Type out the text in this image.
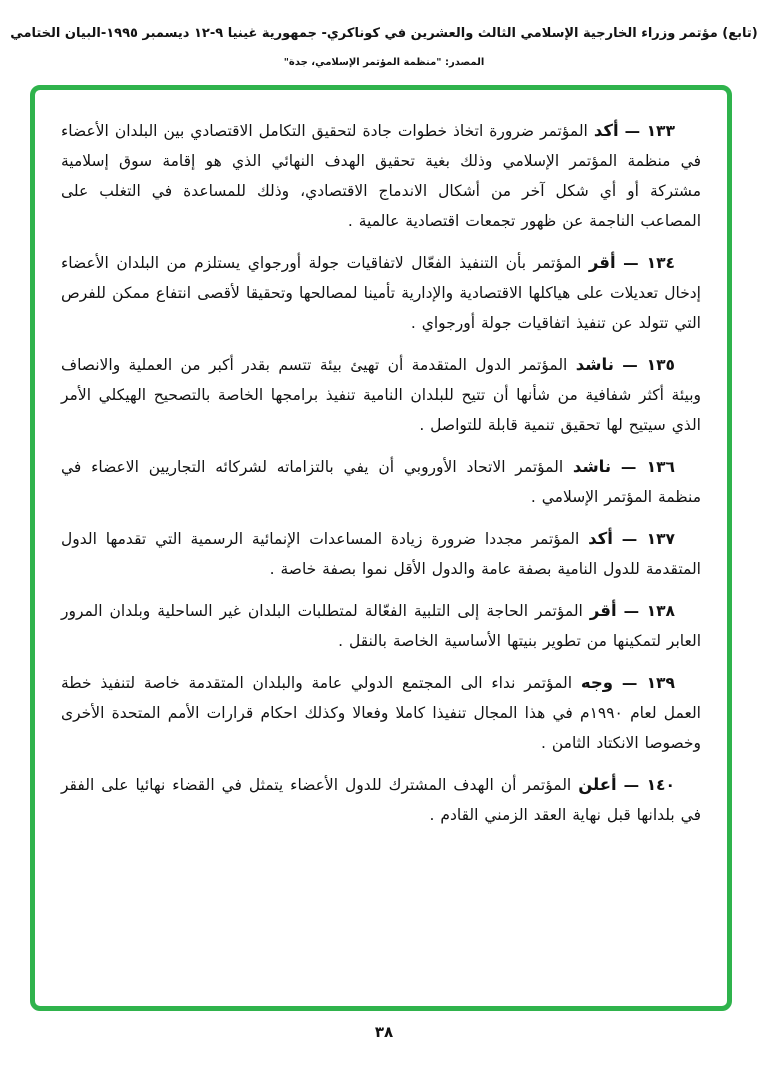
(تابع) مؤتمر وزراء الخارجية الإسلامي الثالث والعشرين في كوناكري- جمهورية غينيا ٩-١٢ ديسمبر ١٩٩٥-البيان الختامي
المصدر: "منظمة المؤتمر الإسلامي، جدة"
١٣٣ — أكد المؤتمر ضرورة اتخاذ خطوات جادة لتحقيق التكامل الاقتصادي بين البلدان الأعضاء في منظمة المؤتمر الإسلامي وذلك بغية تحقيق الهدف النهائي الذي هو إقامة سوق إسلامية مشتركة أو أي شكل آخر من أشكال الاندماج الاقتصادي، وذلك للمساعدة في التغلب على المصاعب الناجمة عن ظهور تجمعات اقتصادية عالمية .
١٣٤ — أقر المؤتمر بأن التنفيذ الفعّال لاتفاقيات جولة أورجواي يستلزم من البلدان الأعضاء إدخال تعديلات على هياكلها الاقتصادية والإدارية تأمينا لمصالحها وتحقيقا لأقصى انتفاع ممكن للفرص التي تتولد عن تنفيذ اتفاقيات جولة أورجواي .
١٣٥ — ناشد المؤتمر الدول المتقدمة أن تهيئ بيئة تتسم بقدر أكبر من العملية والانصاف وبيئة أكثر شفافية من شأنها أن تتيح للبلدان النامية تنفيذ برامجها الخاصة بالتصحيح الهيكلي الأمر الذي سيتيح لها تحقيق تنمية قابلة للتواصل .
١٣٦ — ناشد المؤتمر الاتحاد الأوروبي أن يفي بالتزاماته لشركائه التجاريين الاعضاء في منظمة المؤتمر الإسلامي .
١٣٧ — أكد المؤتمر مجددا ضرورة زيادة المساعدات الإنمائية الرسمية التي تقدمها الدول المتقدمة للدول النامية بصفة عامة والدول الأقل نموا بصفة خاصة .
١٣٨ — أقر المؤتمر الحاجة إلى التلبية الفعّالة لمتطلبات البلدان غير الساحلية وبلدان المرور العابر لتمكينها من تطوير بنيتها الأساسية الخاصة بالنقل .
١٣٩ — وجه المؤتمر نداء الى المجتمع الدولي عامة والبلدان المتقدمة خاصة لتنفيذ خطة العمل لعام ١٩٩٠م في هذا المجال تنفيذا كاملا وفعالا وكذلك احكام قرارات الأمم المتحدة الأخرى وخصوصا الانكتاد الثامن .
١٤٠ — أعلن المؤتمر أن الهدف المشترك للدول الأعضاء يتمثل في القضاء نهائيا على الفقر في بلدانها قبل نهاية العقد الزمني القادم .
٣٨
